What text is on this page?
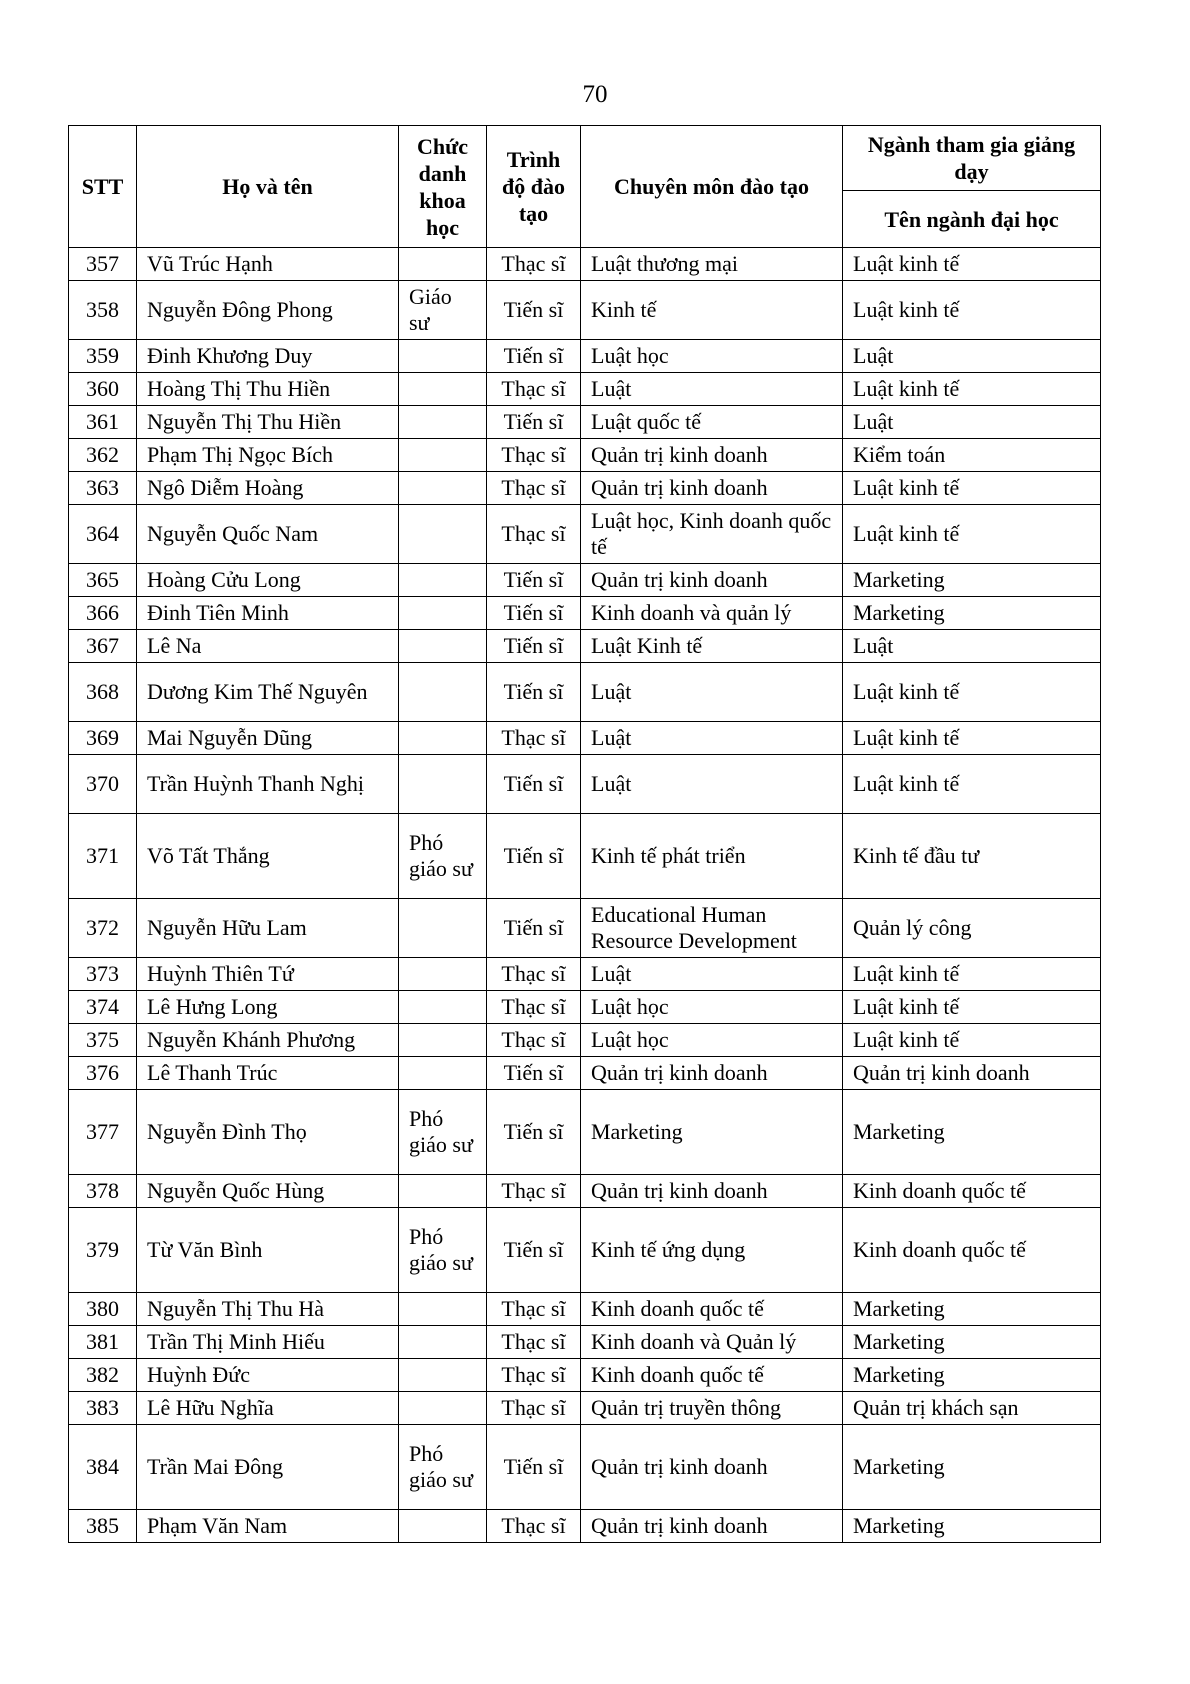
70
STT	Họ và tên	Chức danh khoa học	Trình độ đào tạo	Chuyên môn đào tạo	Ngành tham gia giảng dạy
					Tên ngành đại học
357	Vũ Trúc Hạnh		Thạc sĩ	Luật thương mại	Luật kinh tế
358	Nguyễn Đông Phong	Giáo sư	Tiến sĩ	Kinh tế	Luật kinh tế
359	Đinh Khương Duy		Tiến sĩ	Luật học	Luật
360	Hoàng Thị Thu Hiền		Thạc sĩ	Luật	Luật kinh tế
361	Nguyễn Thị Thu Hiền		Tiến sĩ	Luật quốc tế	Luật
362	Phạm Thị Ngọc Bích		Thạc sĩ	Quản trị kinh doanh	Kiểm toán
363	Ngô Diễm Hoàng		Thạc sĩ	Quản trị kinh doanh	Luật kinh tế
364	Nguyễn Quốc Nam		Thạc sĩ	Luật học, Kinh doanh quốc tế	Luật kinh tế
365	Hoàng Cửu Long		Tiến sĩ	Quản trị kinh doanh	Marketing
366	Đinh Tiên Minh		Tiến sĩ	Kinh doanh và quản lý	Marketing
367	Lê Na		Tiến sĩ	Luật Kinh tế	Luật
368	Dương Kim Thế Nguyên		Tiến sĩ	Luật	Luật kinh tế
369	Mai Nguyễn Dũng		Thạc sĩ	Luật	Luật kinh tế
370	Trần Huỳnh Thanh Nghị		Tiến sĩ	Luật	Luật kinh tế
371	Võ Tất Thắng	Phó giáo sư	Tiến sĩ	Kinh tế phát triển	Kinh tế đầu tư
372	Nguyễn Hữu Lam		Tiến sĩ	Educational Human Resource Development	Quản lý công
373	Huỳnh Thiên Tứ		Thạc sĩ	Luật	Luật kinh tế
374	Lê Hưng Long		Thạc sĩ	Luật học	Luật kinh tế
375	Nguyễn Khánh Phương		Thạc sĩ	Luật học	Luật kinh tế
376	Lê Thanh Trúc		Tiến sĩ	Quản trị kinh doanh	Quản trị kinh doanh
377	Nguyễn Đình Thọ	Phó giáo sư	Tiến sĩ	Marketing	Marketing
378	Nguyễn Quốc Hùng		Thạc sĩ	Quản trị kinh doanh	Kinh doanh quốc tế
379	Từ Văn Bình	Phó giáo sư	Tiến sĩ	Kinh tế ứng dụng	Kinh doanh quốc tế
380	Nguyễn Thị Thu Hà		Thạc sĩ	Kinh doanh quốc tế	Marketing
381	Trần Thị Minh Hiếu		Thạc sĩ	Kinh doanh và Quản lý	Marketing
382	Huỳnh Đức		Thạc sĩ	Kinh doanh quốc tế	Marketing
383	Lê Hữu Nghĩa		Thạc sĩ	Quản trị truyền thông	Quản trị khách sạn
384	Trần Mai Đông	Phó giáo sư	Tiến sĩ	Quản trị kinh doanh	Marketing
385	Phạm Văn Nam		Thạc sĩ	Quản trị kinh doanh	Marketing
